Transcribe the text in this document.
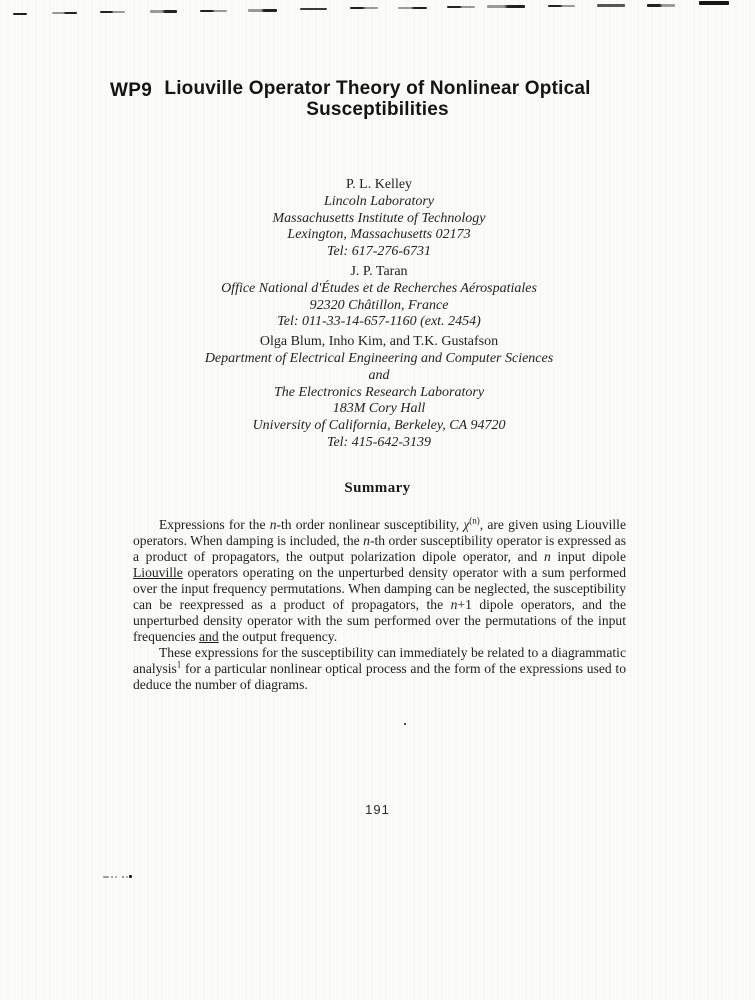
WP9 Liouville Operator Theory of Nonlinear Optical
Susceptibilities
P. L. Kelley
Lincoln Laboratory
Massachusetts Institute of Technology
Lexington, Massachusetts 02173
Tel: 617-276-6731
J. P. Taran
Office National d'Études et de Recherches Aérospatiales
92320 Châtillon, France
Tel: 011-33-14-657-1160 (ext. 2454)
Olga Blum, Inho Kim, and T.K. Gustafson
Department of Electrical Engineering and Computer Sciences
and
The Electronics Research Laboratory
183M Cory Hall
University of California, Berkeley, CA 94720
Tel: 415-642-3139
Summary

Expressions for the n-th order nonlinear susceptibility, $\chi^{(n)}$, are given using Liouville operators. When damping is included, the n-th order susceptibility operator is expressed as a product of propagators, the output polarization dipole operator, and n input dipole Liouville operators operating on the unperturbed density operator with a sum performed over the input frequency permutations. When damping can be neglected, the susceptibility can be reexpressed as a product of propagators, the n+1 dipole operators, and the unperturbed density operator with the sum performed over the permutations of the input frequencies and the output frequency.

These expressions for the susceptibility can immediately be related to a diagrammatic analysis$^1$ for a particular nonlinear optical process and the form of the expressions used to deduce the number of diagrams.

191
